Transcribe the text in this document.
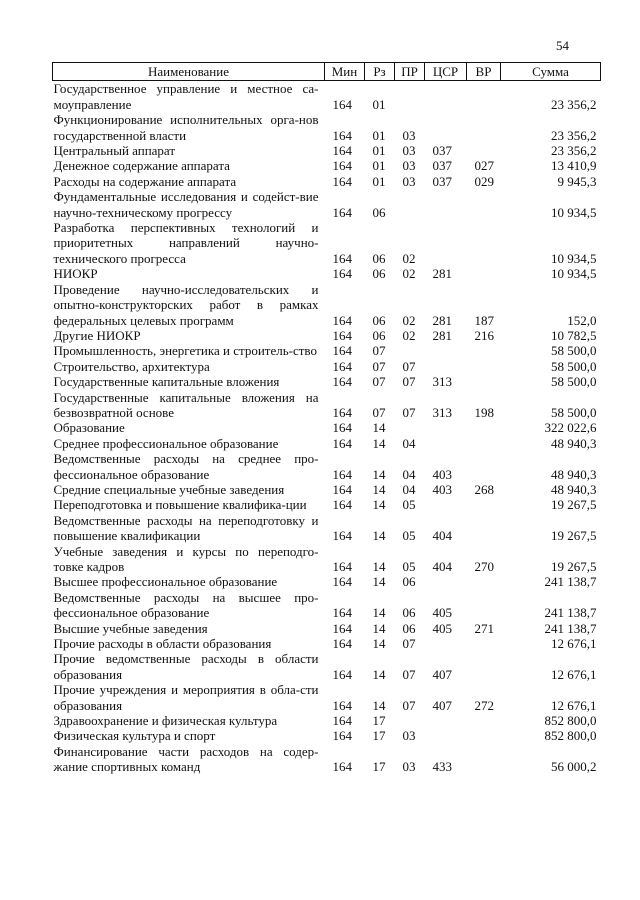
54
Наименование	Мин	Рз	ПР	ЦСР	ВР	Сумма
Государственное управление и местное са-моуправление	164	01				23 356,2
Функционирование исполнительных орга-нов государственной власти	164	01	03			23 356,2
Центральный аппарат	164	01	03	037		23 356,2
Денежное содержание аппарата	164	01	03	037	027	13 410,9
Расходы на содержание аппарата	164	01	03	037	029	9 945,3
Фундаментальные исследования и содейст-вие научно-техническому прогрессу	164	06				10 934,5
Разработка перспективных технологий и приоритетных направлений научно-технического прогресса	164	06	02			10 934,5
НИОКР	164	06	02	281		10 934,5
Проведение научно-исследовательских и опытно-конструкторских работ в рамках федеральных целевых программ	164	06	02	281	187	152,0
Другие НИОКР	164	06	02	281	216	10 782,5
Промышленность, энергетика и строитель-ство	164	07				58 500,0
Строительство, архитектура	164	07	07			58 500,0
Государственные капитальные вложения	164	07	07	313		58 500,0
Государственные капитальные вложения на безвозвратной основе	164	07	07	313	198	58 500,0
Образование	164	14				322 022,6
Среднее профессиональное образование	164	14	04			48 940,3
Ведомственные расходы на среднее про-фессиональное образование	164	14	04	403		48 940,3
Средние специальные учебные заведения	164	14	04	403	268	48 940,3
Переподготовка и повышение квалифика-ции	164	14	05			19 267,5
Ведомственные расходы на переподготовку и повышение квалификации	164	14	05	404		19 267,5
Учебные заведения и курсы по переподго-товке кадров	164	14	05	404	270	19 267,5
Высшее профессиональное образование	164	14	06			241 138,7
Ведомственные расходы на высшее про-фессиональное образование	164	14	06	405		241 138,7
Высшие учебные заведения	164	14	06	405	271	241 138,7
Прочие расходы в области образования	164	14	07			12 676,1
Прочие ведомственные расходы в области образования	164	14	07	407		12 676,1
Прочие учреждения и мероприятия в обла-сти образования	164	14	07	407	272	12 676,1
Здравоохранение и физическая культура	164	17				852 800,0
Физическая культура и спорт	164	17	03			852 800,0
Финансирование части расходов на содер-жание спортивных команд	164	17	03	433		56 000,2
